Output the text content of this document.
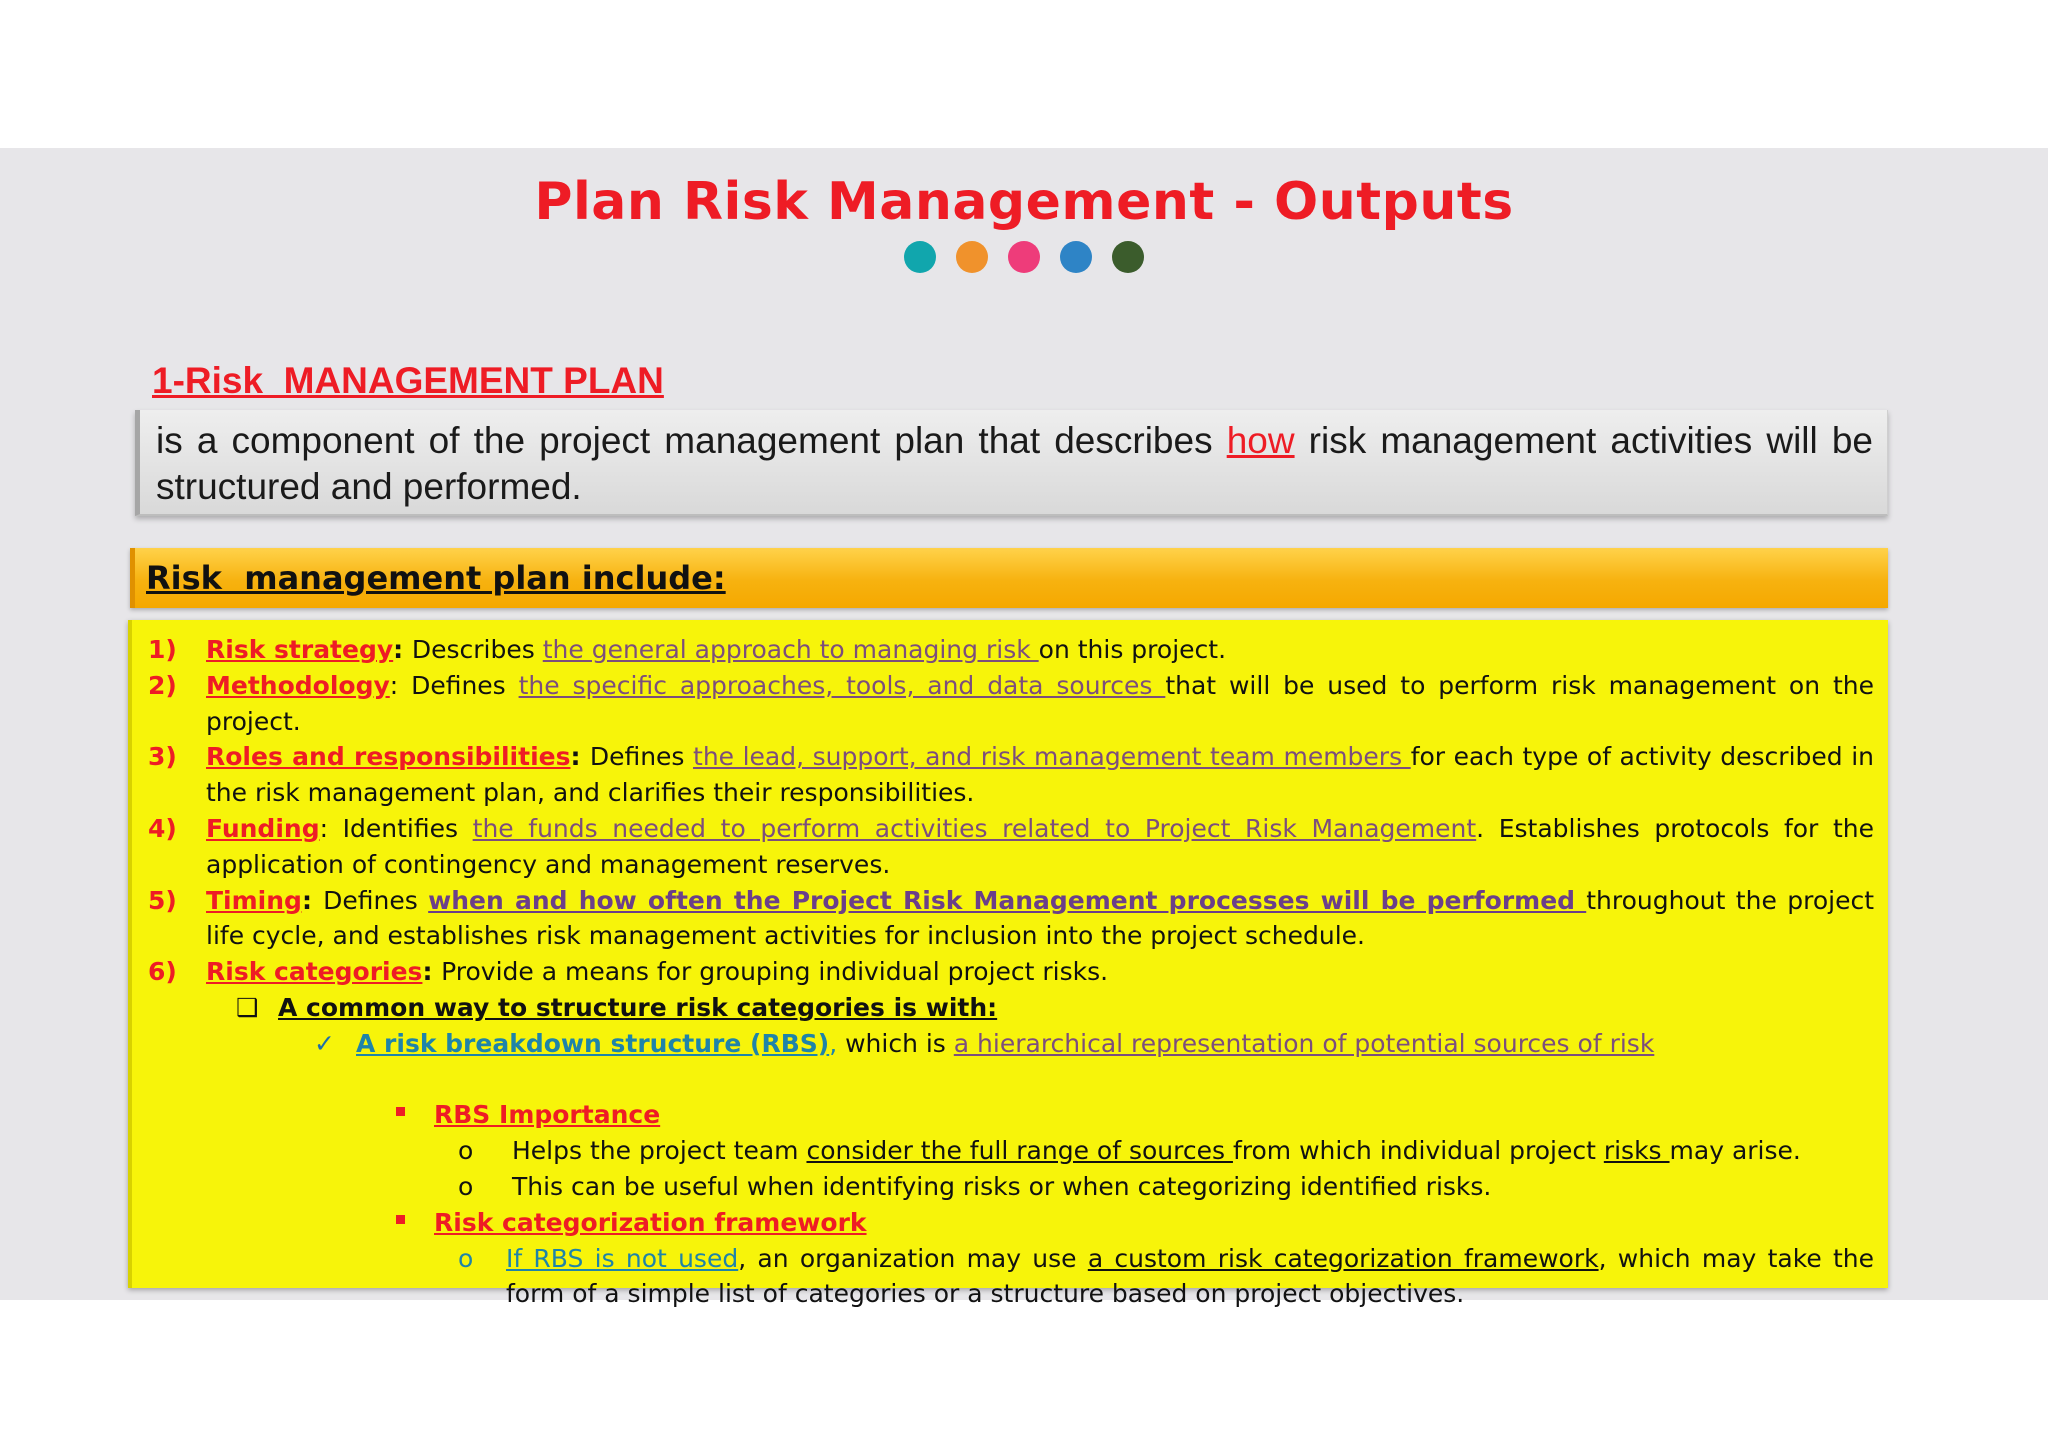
Plan Risk Management - Outputs
1-Risk  MANAGEMENT PLAN
is a component of the project management plan that describes how risk management activities will be structured and performed.
Risk  management plan include:
1) Risk strategy: Describes the general approach to managing risk on this project.
2) Methodology: Defines the specific approaches, tools, and data sources that will be used to perform risk management on the project.
3) Roles and responsibilities: Defines the lead, support, and risk management team members for each type of activity described in the risk management plan, and clarifies their responsibilities.
4) Funding: Identifies the funds needed to perform activities related to Project Risk Management. Establishes protocols for the application of contingency and management reserves.
5) Timing: Defines when and how often the Project Risk Management processes will be performed throughout the project life cycle, and establishes risk management activities for inclusion into the project schedule.
6) Risk categories: Provide a means for grouping individual project risks.
❑ A common way to structure risk categories is with:
✓ A risk breakdown structure (RBS), which is a hierarchical representation of potential sources of risk
RBS Importance
o Helps the project team consider the full range of sources from which individual project risks may arise.
o This can be useful when identifying risks or when categorizing identified risks.
Risk categorization framework
o If RBS is not used, an organization may use a custom risk categorization framework, which may take the form of a simple list of categories or a structure based on project objectives.
